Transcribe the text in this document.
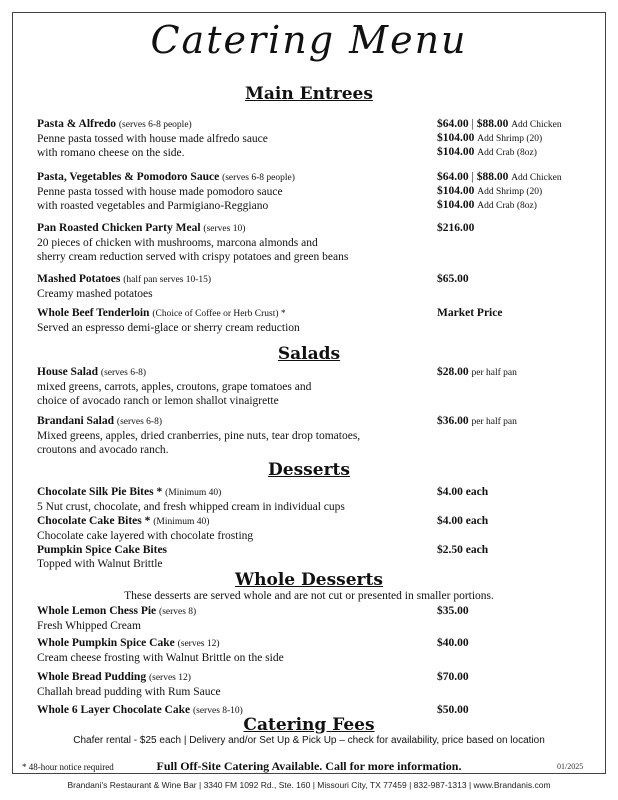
Catering Menu
Main Entrees
Pasta & Alfredo (serves 6-8 people)
Penne pasta tossed with house made alfredo sauce
with romano cheese on the side.
$64.00 | $88.00 Add Chicken
$104.00 Add Shrimp (20)
$104.00 Add Crab (8oz)
Pasta, Vegetables & Pomodoro Sauce (serves 6-8 people)
Penne pasta tossed with house made pomodoro sauce
with roasted vegetables and Parmigiano-Reggiano
$64.00 | $88.00 Add Chicken
$104.00 Add Shrimp (20)
$104.00 Add Crab (8oz)
Pan Roasted Chicken Party Meal (serves 10)
20 pieces of chicken with mushrooms, marcona almonds and
sherry cream reduction served with crispy potatoes and green beans
$216.00
Mashed Potatoes (half pan serves 10-15)
Creamy mashed potatoes
$65.00
Whole Beef Tenderloin (Choice of Coffee or Herb Crust) *
Served an espresso demi-glace or sherry cream reduction
Market Price
Salads
House Salad (serves 6-8)
mixed greens, carrots, apples, croutons, grape tomatoes and
choice of avocado ranch or lemon shallot vinaigrette
$28.00 per half pan
Brandani Salad (serves 6-8)
Mixed greens, apples, dried cranberries, pine nuts, tear drop tomatoes,
croutons and avocado ranch.
$36.00 per half pan
Desserts
Chocolate Silk Pie Bites * (Minimum 40)
5 Nut crust, chocolate, and fresh whipped cream in individual cups
$4.00 each
Chocolate Cake Bites * (Minimum 40)
Chocolate cake layered with chocolate frosting
$4.00 each
Pumpkin Spice Cake Bites
Topped with Walnut Brittle
$2.50 each
Whole Desserts
These desserts are served whole and are not cut or presented in smaller portions.
Whole Lemon Chess Pie (serves 8)
Fresh Whipped Cream
$35.00
Whole Pumpkin Spice Cake (serves 12)
Cream cheese frosting with Walnut Brittle on the side
$40.00
Whole Bread Pudding (serves 12)
Challah bread pudding with Rum Sauce
$70.00
Whole 6 Layer Chocolate Cake (serves 8-10)	$50.00
Catering Fees
Chafer rental - $25 each | Delivery and/or Set Up & Pick Up – check for availability, price based on location
Full Off-Site Catering Available. Call for more information.
* 48-hour notice required	01/2025
Brandani's Restaurant & Wine Bar | 3340 FM 1092 Rd., Ste. 160 | Missouri City, TX 77459 | 832-987-1313 | www.Brandanis.com
